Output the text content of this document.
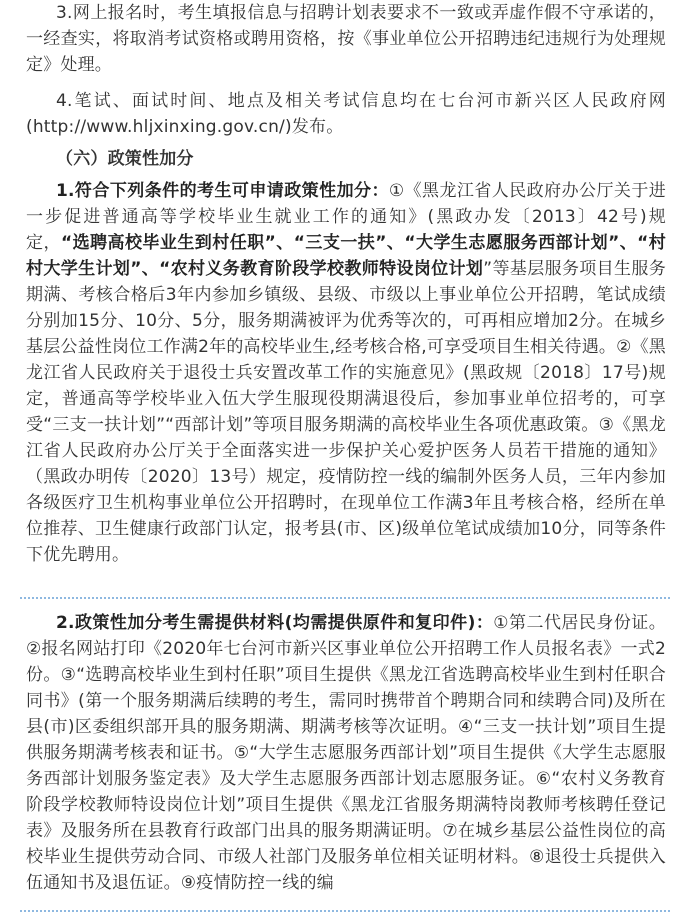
3.网上报名时，考生填报信息与招聘计划表要求不一致或弄虚作假不守承诺的，一经查实，将取消考试资格或聘用资格，按《事业单位公开招聘违纪违规行为处理规定》处理。

4.笔试、面试时间、地点及相关考试信息均在七台河市新兴区人民政府网(http://www.hljxinxing.gov.cn/)发布。

（六）政策性加分

1.符合下列条件的考生可申请政策性加分：①《黑龙江省人民政府办公厅关于进一步促进普通高等学校毕业生就业工作的通知》(黑政办发〔2013〕42号)规定，“选聘高校毕业生到村任职”、“三支一扶”、“大学生志愿服务西部计划”、“村村大学生计划”、“农村义务教育阶段学校教师特设岗位计划”等基层服务项目生服务期满、考核合格后3年内参加乡镇级、县级、市级以上事业单位公开招聘，笔试成绩分别加15分、10分、5分，服务期满被评为优秀等次的，可再相应增加2分。在城乡基层公益性岗位工作满2年的高校毕业生,经考核合格,可享受项目生相关待遇。②《黑龙江省人民政府关于退役士兵安置改革工作的实施意见》(黑政规〔2018〕17号)规定，普通高等学校毕业入伍大学生服现役期满退役后，参加事业单位招考的，可享受“三支一扶计划”“西部计划”等项目服务期满的高校毕业生各项优惠政策。③《黑龙江省人民政府办公厅关于全面落实进一步保护关心爱护医务人员若干措施的通知》（黑政办明传〔2020〕13号）规定，疫情防控一线的编制外医务人员，三年内参加各级医疗卫生机构事业单位公开招聘时，在现单位工作满3年且考核合格，经所在单位推荐、卫生健康行政部门认定，报考县(市、区)级单位笔试成绩加10分，同等条件下优先聘用。

2.政策性加分考生需提供材料(均需提供原件和复印件)：①第二代居民身份证。②报名网站打印《2020年七台河市新兴区事业单位公开招聘工作人员报名表》一式2份。③“选聘高校毕业生到村任职”项目生提供《黑龙江省选聘高校毕业生到村任职合同书》(第一个服务期满后续聘的考生，需同时携带首个聘期合同和续聘合同)及所在县(市)区委组织部开具的服务期满、期满考核等次证明。④“三支一扶计划”项目生提供服务期满考核表和证书。⑤“大学生志愿服务西部计划”项目生提供《大学生志愿服务西部计划服务鉴定表》及大学生志愿服务西部计划志愿服务证。⑥“农村义务教育阶段学校教师特设岗位计划”项目生提供《黑龙江省服务期满特岗教师考核聘任登记表》及服务所在县教育行政部门出具的服务期满证明。⑦在城乡基层公益性岗位的高校毕业生提供劳动合同、市级人社部门及服务单位相关证明材料。⑧退役士兵提供入伍通知书及退伍证。⑨疫情防控一线的编
